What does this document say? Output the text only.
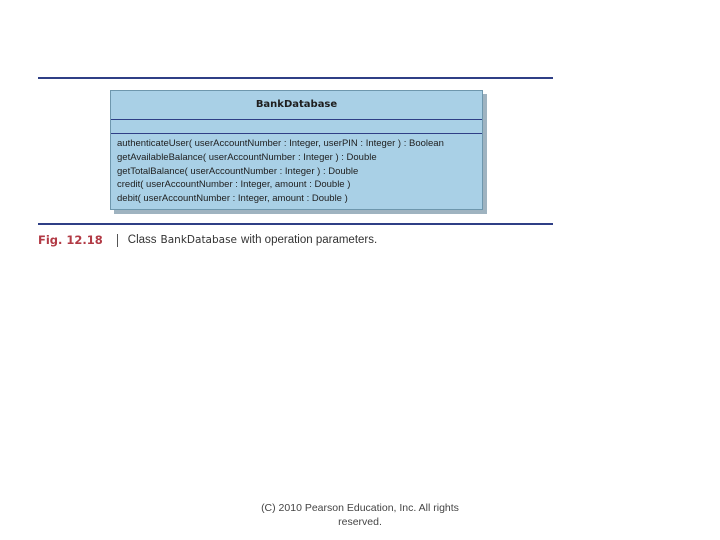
BankDatabase
authenticateUser( userAccountNumber : Integer, userPIN : Integer ) : Boolean
getAvailableBalance( userAccountNumber : Integer ) : Double
getTotalBalance( userAccountNumber : Integer ) : Double
credit( userAccountNumber : Integer, amount : Double )
debit( userAccountNumber : Integer, amount : Double )
Fig. 12.18 Class BankDatabase with operation parameters.
(C) 2010 Pearson Education, Inc. All rights reserved.
